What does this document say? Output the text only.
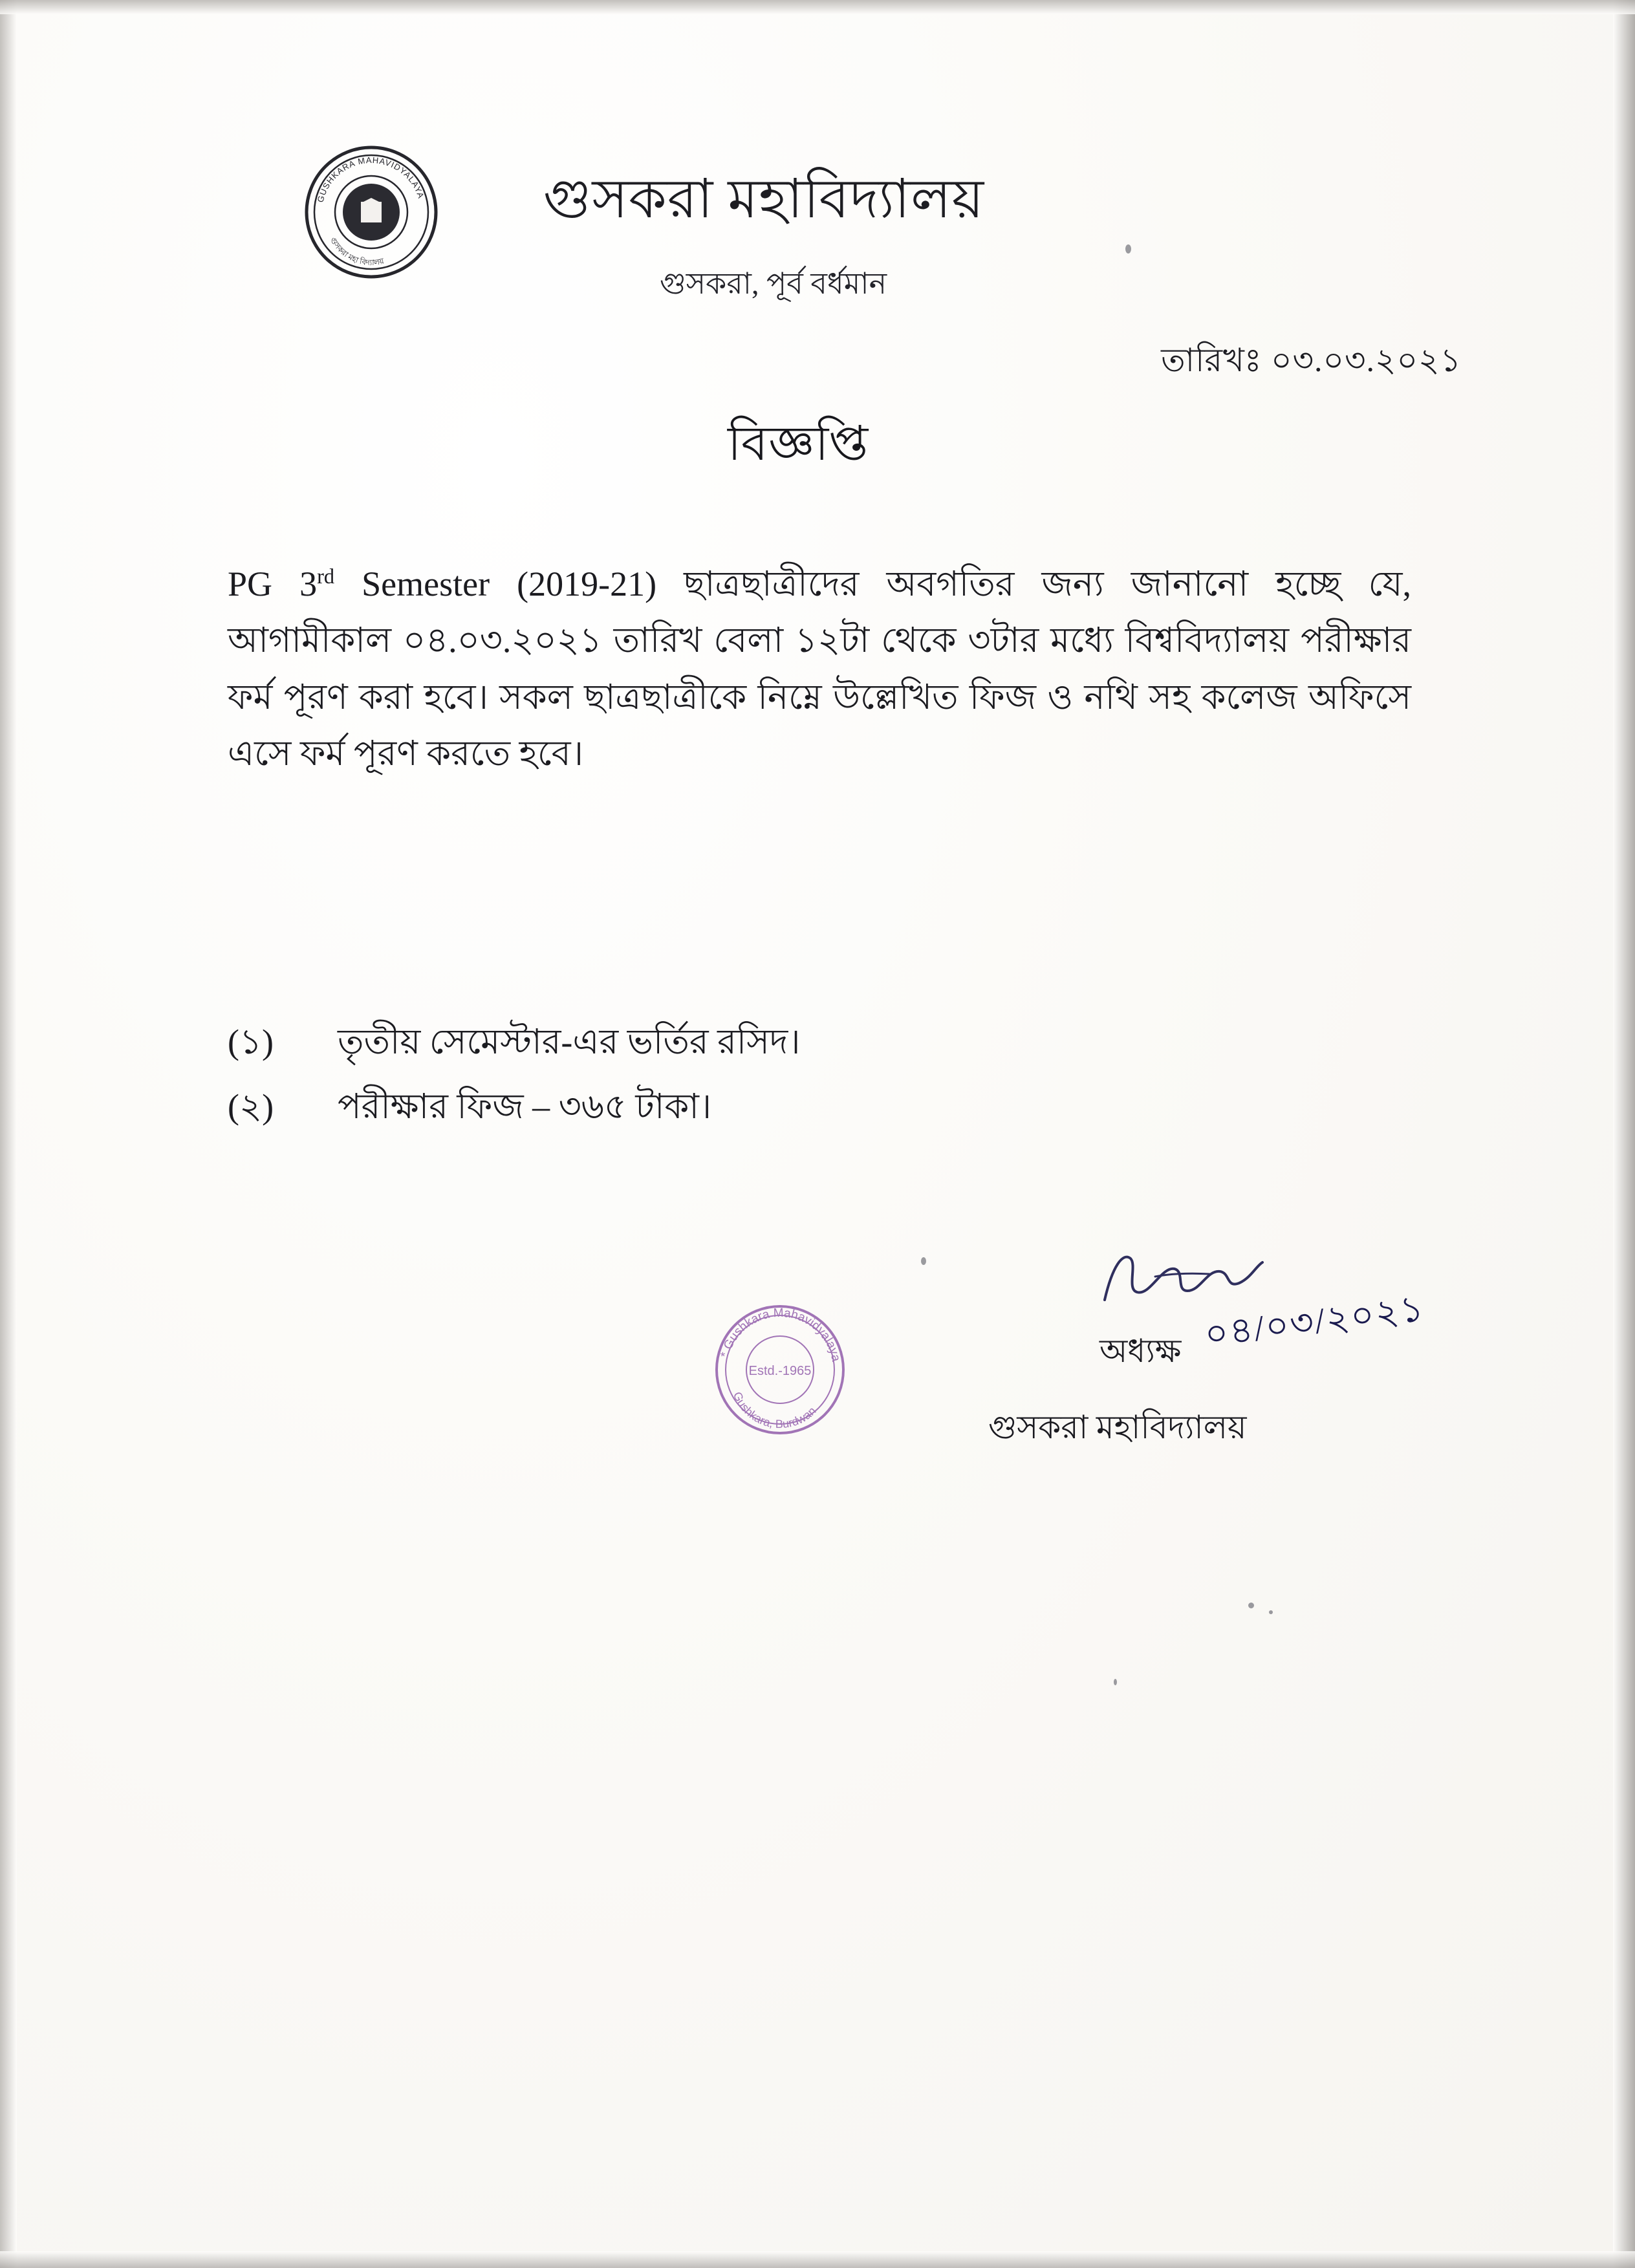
GUSHKARA MAHAVIDYALAYA
গুসকরা মহা বিদ্যালয়
গুসকরা মহাবিদ্যালয়
গুসকরা, পূর্ব বর্ধমান
তারিখঃ ০৩.০৩.২০২১
বিজ্ঞপ্তি
PG 3rd Semester (2019-21) ছাত্রছাত্রীদের অবগতির জন্য জানানো হচ্ছে যে, আগামীকাল ০৪.০৩.২০২১ তারিখ বেলা ১২টা থেকে ৩টার মধ্যে বিশ্ববিদ্যালয় পরীক্ষার ফর্ম পূরণ করা হবে। সকল ছাত্রছাত্রীকে নিম্নে উল্লেখিত ফিজ ও নথি সহ কলেজ অফিসে এসে ফর্ম পূরণ করতে হবে।
(১)	তৃতীয় সেমেস্টার-এর ভর্তির রসিদ।
(২)	পরীক্ষার ফিজ – ৩৬৫ টাকা।
* Gushkara Mahavidyalaya
Gushkara, Burdwan
Estd.-1965
০৪/০৩/২০২১
অধ্যক্ষ
গুসকরা মহাবিদ্যালয়
